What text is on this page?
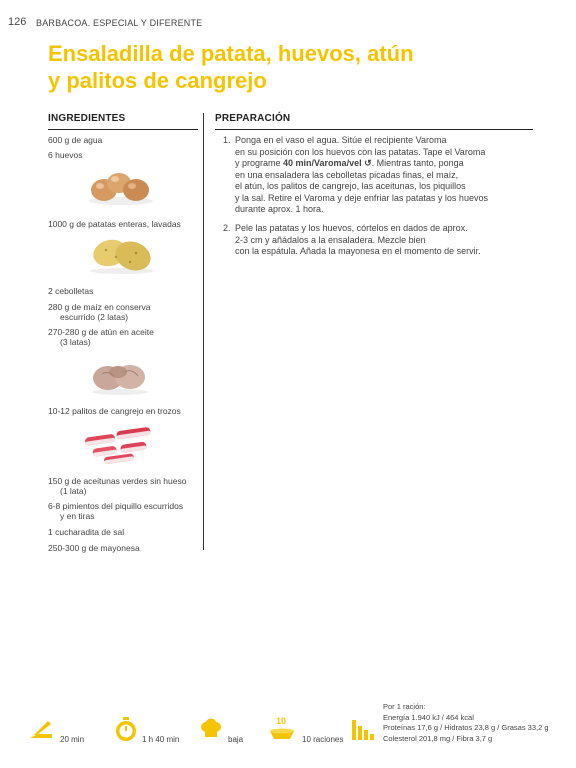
126 BARBACOA. ESPECIAL Y DIFERENTE
Ensaladilla de patata, huevos, atún
y palitos de cangrejo
INGREDIENTES
600 g de agua
6 huevos
1000 g de patatas enteras, lavadas
2 cebolletas
280 g de maíz en conserva
escurrido (2 latas)
270-280 g de atún en aceite
(3 latas)
10-12 palitos de cangrejo en trozos
150 g de aceitunas verdes sin hueso
(1 lata)
6-8 pimientos del piquillo escurridos
y en tiras
1 cucharadita de sal
250-300 g de mayonesa
PREPARACIÓN
1. Ponga en el vaso el agua. Sitúe el recipiente Varoma
en su posición con los huevos con las patatas. Tape el Varoma
y programe 40 min/Varoma/vel ↺. Mientras tanto, ponga
en una ensaladera las cebolletas picadas finas, el maíz,
el atún, los palitos de cangrejo, las aceitunas, los piquillos
y la sal. Retire el Varoma y deje enfriar las patatas y los huevos
durante aprox. 1 hora.
2. Pele las patatas y los huevos, córtelos en dados de aprox.
2-3 cm y añádalos a la ensaladera. Mezcle bien
con la espátula. Añada la mayonesa en el momento de servir.
20 min	1 h 40 min	baja
10
10 raciones
Por 1 ración:
Energía 1.940 kJ / 464 kcal
Proteínas 17,6 g / Hidratos 23,8 g / Grasas 33,2 g
Colesterol 201,8 mg / Fibra 3,7 g
